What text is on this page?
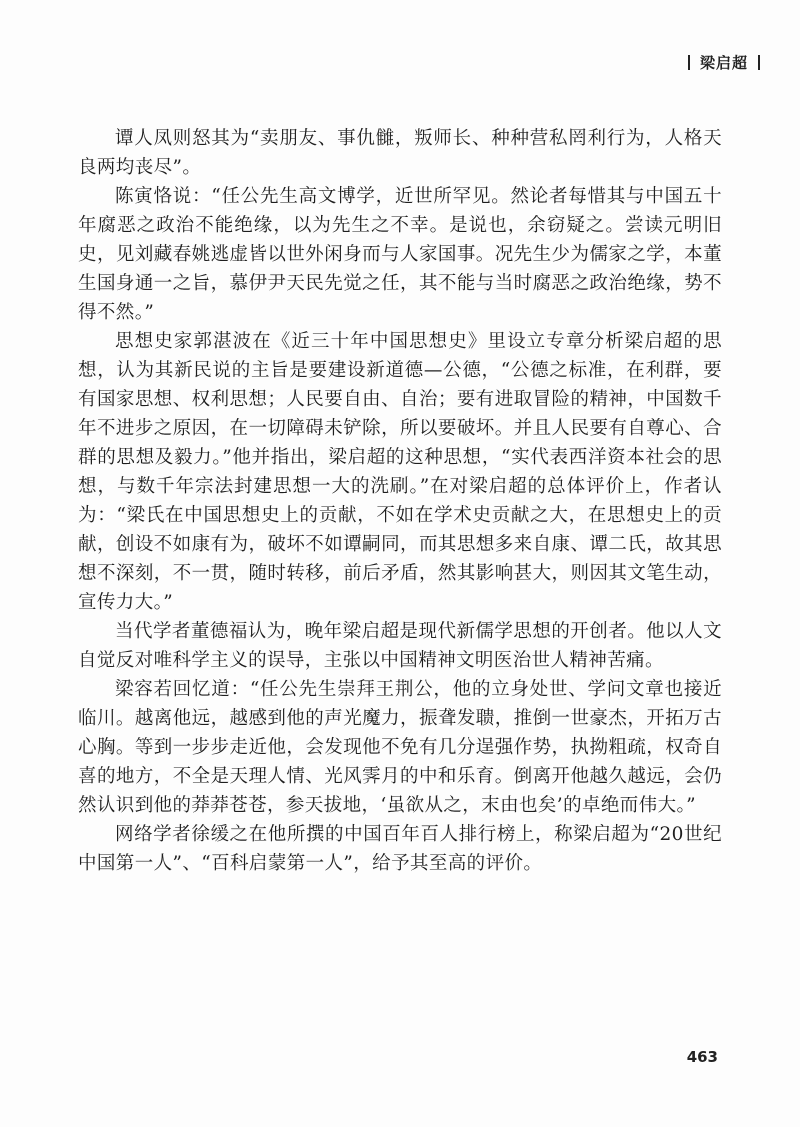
梁启超

谭人凤则怒其为“卖朋友、事仇雠，叛师长、种种营私罔利行为，人格天良两均丧尽”。

陈寅恪说：“任公先生高文博学，近世所罕见。然论者每惜其与中国五十年腐恶之政治不能绝缘，以为先生之不幸。是说也，余窃疑之。尝读元明旧史，见刘藏春姚逃虚皆以世外闲身而与人家国事。况先生少为儒家之学，本董生国身通一之旨，慕伊尹天民先觉之任，其不能与当时腐恶之政治绝缘，势不得不然。”

思想史家郭湛波在《近三十年中国思想史》里设立专章分析梁启超的思想，认为其新民说的主旨是要建设新道德—公德，“公德之标准，在利群，要有国家思想、权利思想；人民要自由、自治；要有进取冒险的精神，中国数千年不进步之原因，在一切障碍未铲除，所以要破坏。并且人民要有自尊心、合群的思想及毅力。”他并指出，梁启超的这种思想，“实代表西洋资本社会的思想，与数千年宗法封建思想一大的洗刷。”在对梁启超的总体评价上，作者认为：“梁氏在中国思想史上的贡献，不如在学术史贡献之大，在思想史上的贡献，创设不如康有为，破坏不如谭嗣同，而其思想多来自康、谭二氏，故其思想不深刻，不一贯，随时转移，前后矛盾，然其影响甚大，则因其文笔生动，宣传力大。”

当代学者董德福认为，晚年梁启超是现代新儒学思想的开创者。他以人文自觉反对唯科学主义的误导，主张以中国精神文明医治世人精神苦痛。

梁容若回忆道：“任公先生崇拜王荆公，他的立身处世、学问文章也接近临川。越离他远，越感到他的声光魔力，振聋发聩，推倒一世豪杰，开拓万古心胸。等到一步步走近他，会发现他不免有几分逞强作势，执拗粗疏，权奇自喜的地方，不全是天理人情、光风霁月的中和乐育。倒离开他越久越远，会仍然认识到他的莽莽苍苍，参天拔地，‘虽欲从之，末由也矣’的卓绝而伟大。”

网络学者徐缓之在他所撰的中国百年百人排行榜上，称梁启超为“20世纪中国第一人”、“百科启蒙第一人”，给予其至高的评价。

463
